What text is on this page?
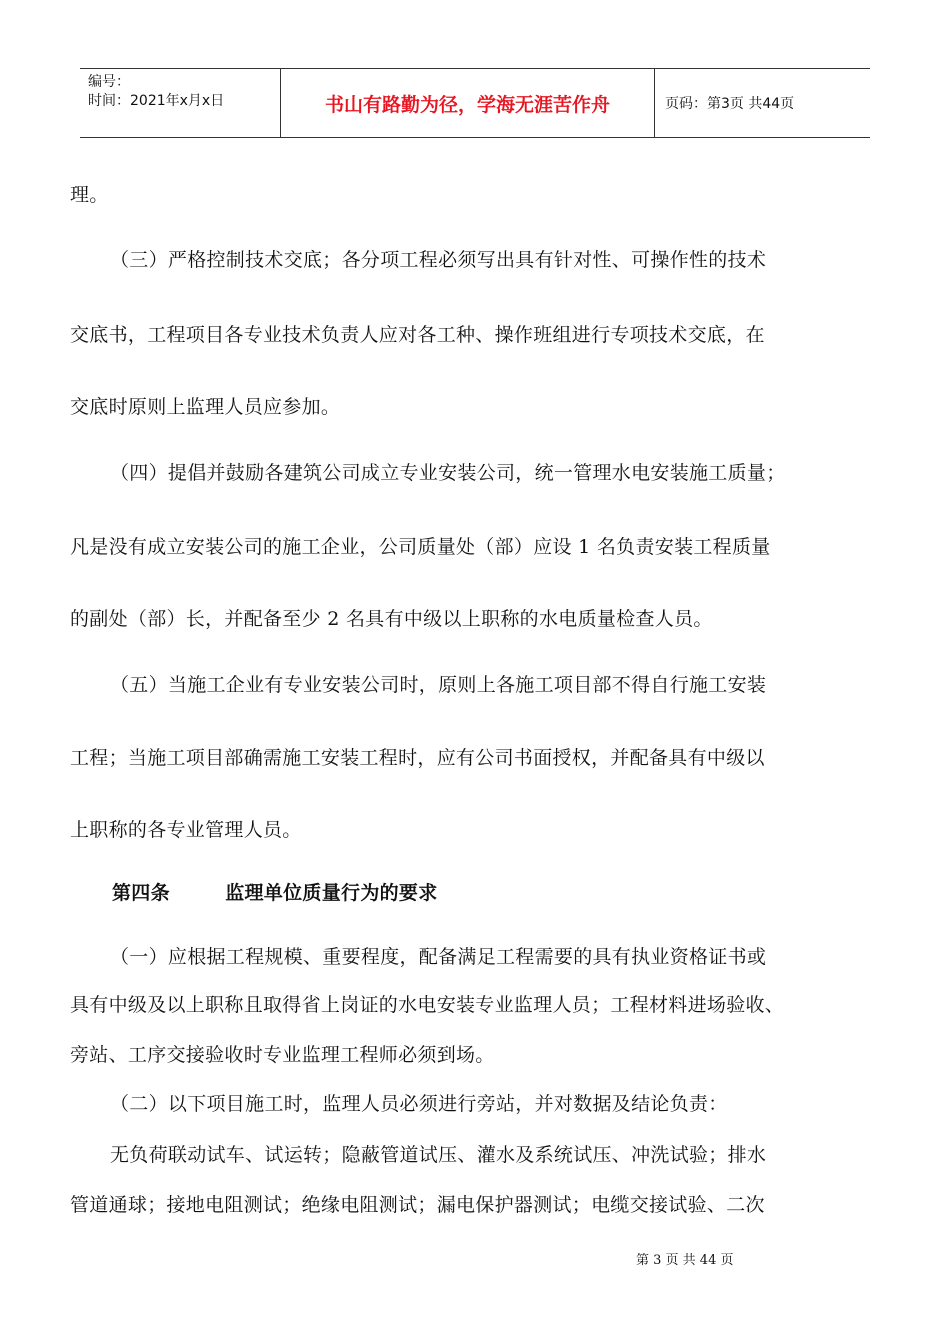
编号：
时间：2021年x月x日	书山有路勤为径，学海无涯苦作舟	页码：第3页 共44页
理。
（三）严格控制技术交底；各分项工程必须写出具有针对性、可操作性的技术
交底书，工程项目各专业技术负责人应对各工种、操作班组进行专项技术交底，在
交底时原则上监理人员应参加。
（四）提倡并鼓励各建筑公司成立专业安装公司，统一管理水电安装施工质量；
凡是没有成立安装公司的施工企业，公司质量处（部）应设 1 名负责安装工程质量
的副处（部）长，并配备至少 2 名具有中级以上职称的水电质量检查人员。
（五）当施工企业有专业安装公司时，原则上各施工项目部不得自行施工安装
工程；当施工项目部确需施工安装工程时，应有公司书面授权，并配备具有中级以
上职称的各专业管理人员。
第四条        监理单位质量行为的要求
（一）应根据工程规模、重要程度，配备满足工程需要的具有执业资格证书或
具有中级及以上职称且取得省上岗证的水电安装专业监理人员；工程材料进场验收、
旁站、工序交接验收时专业监理工程师必须到场。
（二）以下项目施工时，监理人员必须进行旁站，并对数据及结论负责：
无负荷联动试车、试运转；隐蔽管道试压、灌水及系统试压、冲洗试验；排水
管道通球；接地电阻测试；绝缘电阻测试；漏电保护器测试；电缆交接试验、二次
第 3 页 共 44 页
